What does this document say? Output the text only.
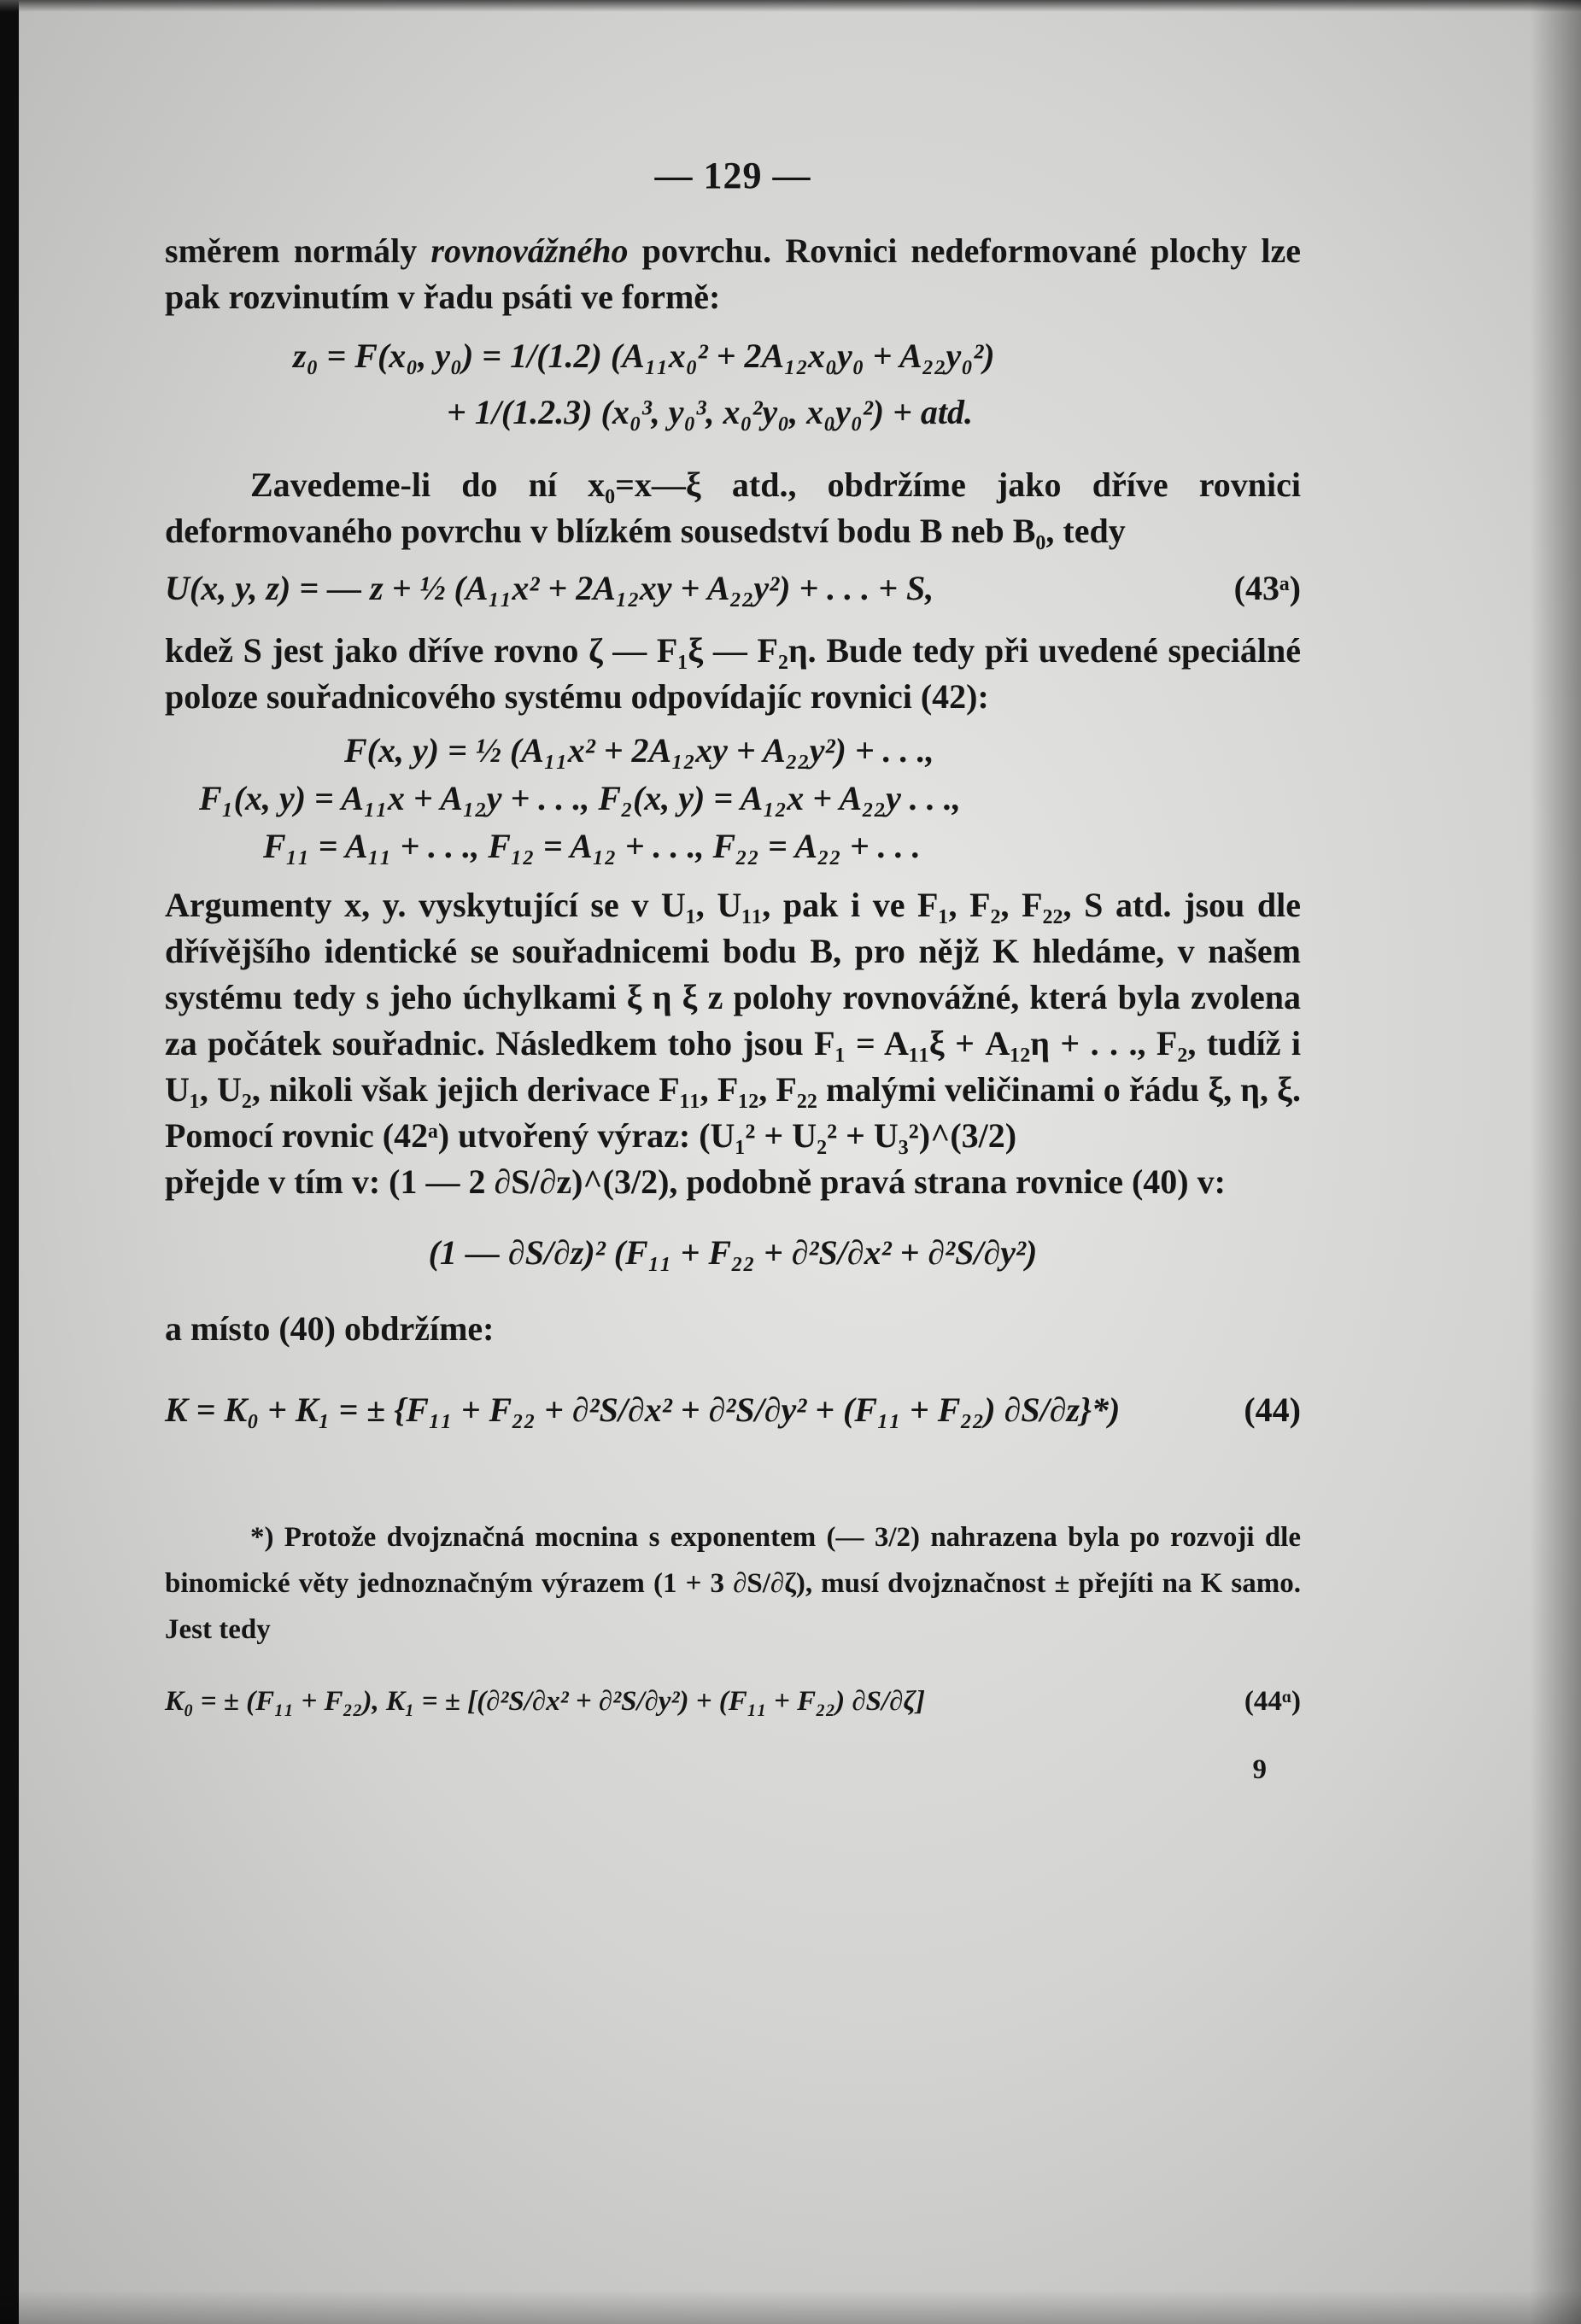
— 129 —

směrem normály rovnovážného povrchu. Rovnici nedeformované plochy lze pak rozvinutím v řadu psáti ve formě:

z₀ = F(x₀, y₀) = 1/(1.2) (A₁₁x₀² + 2A₁₂x₀y₀ + A₂₂y₀²)
+ 1/(1.2.3) (x₀³, y₀³, x₀²y₀, x₀y₀²) + atd.

Zavedeme-li do ní x₀=x—ξ atd., obdržíme jako dříve rovnici deformovaného povrchu v blízkém sousedství bodu B neb B₀, tedy

U(x, y, z) = — z + ½ (A₁₁x² + 2A₁₂xy + A₂₂y²) + . . . + S,	(43ᵃ)

kdež S jest jako dříve rovno ζ — F₁ξ — F₂η. Bude tedy při uvedené speciálné poloze souřadnicového systému odpovídajíc rovnici (42):

F(x, y) = ½ (A₁₁x² + 2A₁₂xy + A₂₂y²) + . . .,
F₁(x, y) = A₁₁x + A₁₂y + . . ., F₂(x, y) = A₁₂x + A₂₂y . . .,
F₁₁ = A₁₁ + . . ., F₁₂ = A₁₂ + . . ., F₂₂ = A₂₂ + . . .

Argumenty x, y. vyskytující se v U₁, U₁₁, pak i ve F₁, F₂, F₂₂, S atd. jsou dle dřívějšího identické se souřadnicemi bodu B, pro nějž K hledáme, v našem systému tedy s jeho úchylkami ξ η ξ z polohy rovnovážné, která byla zvolena za počátek souřadnic. Následkem toho jsou F₁ = A₁₁ξ + A₁₂η + . . ., F₂, tudíž i U₁, U₂, nikoli však jejich derivace F₁₁, F₁₂, F₂₂ malými veličinami o řádu ξ, η, ξ. Pomocí rovnic (42ᵃ) utvořený výraz: (U₁² + U₂² + U₃²)^(3/2)

přejde v tím v: (1 — 2 ∂S/∂z)^(3/2), podobně pravá strana rovnice (40) v:

(1 — ∂S/∂z)² (F₁₁ + F₂₂ + ∂²S/∂x² + ∂²S/∂y²)

a místo (40) obdržíme:

K = K₀ + K₁ = ± {F₁₁ + F₂₂ + ∂²S/∂x² + ∂²S/∂y² + (F₁₁ + F₂₂) ∂S/∂z}*)	(44)

*) Protože dvojznačná mocnina s exponentem (— 3/2) nahrazena byla po rozvoji dle binomické věty jednoznačným výrazem (1 + 3 ∂S/∂ζ), musí dvojznačnost ± přejíti na K samo. Jest tedy

K₀ = ± (F₁₁ + F₂₂), K₁ = ± [(∂²S/∂x² + ∂²S/∂y²) + (F₁₁ + F₂₂) ∂S/∂ζ]	(44ᵅ)
9
